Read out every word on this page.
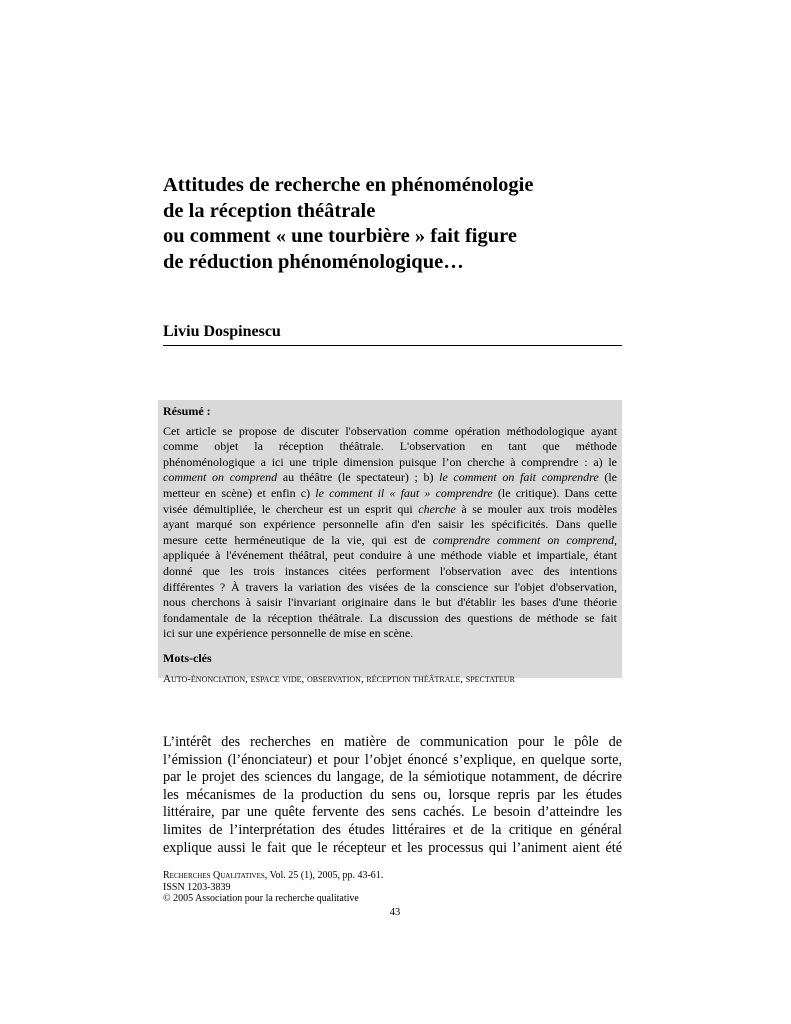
Attitudes de recherche en phénoménologie
de la réception théâtrale
ou comment « une tourbière » fait figure
de réduction phénoménologique…
Liviu Dospinescu
Résumé :
Cet article se propose de discuter l'observation comme opération méthodologique ayant
comme objet la réception théâtrale. L'observation en tant que méthode
phénoménologique a ici une triple dimension puisque l’on cherche à comprendre : a) le
comment on comprend au théâtre (le spectateur) ; b) le comment on fait comprendre (le
metteur en scène) et enfin c) le comment il « faut » comprendre (le critique). Dans cette
visée démultipliée, le chercheur est un esprit qui cherche à se mouler aux trois modèles
ayant marqué son expérience personnelle afin d'en saisir les spécificités. Dans quelle
mesure cette herméneutique de la vie, qui est de comprendre comment on comprend,
appliquée à l'événement théâtral, peut conduire à une méthode viable et impartiale, étant
donné que les trois instances citées performent l'observation avec des intentions
différentes ? À travers la variation des visées de la conscience sur l'objet d'observation,
nous cherchons à saisir l'invariant originaire dans le but d'établir les bases d'une théorie
fondamentale de la réception théâtrale. La discussion des questions de méthode se fait
ici sur une expérience personnelle de mise en scène.
Mots-clés
Auto-énonciation, espace vide, observation, réception théâtrale, spectateur
L’intérêt des recherches en matière de communication pour le pôle de
l’émission (l’énonciateur) et pour l’objet énoncé s’explique, en quelque sorte,
par le projet des sciences du langage, de la sémiotique notamment, de décrire
les mécanismes de la production du sens ou, lorsque repris par les études
littéraire, par une quête fervente des sens cachés. Le besoin d’atteindre les
limites de l’interprétation des études littéraires et de la critique en général
explique aussi le fait que le récepteur et les processus qui l’animent aient été
Recherches Qualitatives, Vol. 25 (1), 2005, pp. 43-61.
ISSN 1203-3839
© 2005 Association pour la recherche qualitative
43
